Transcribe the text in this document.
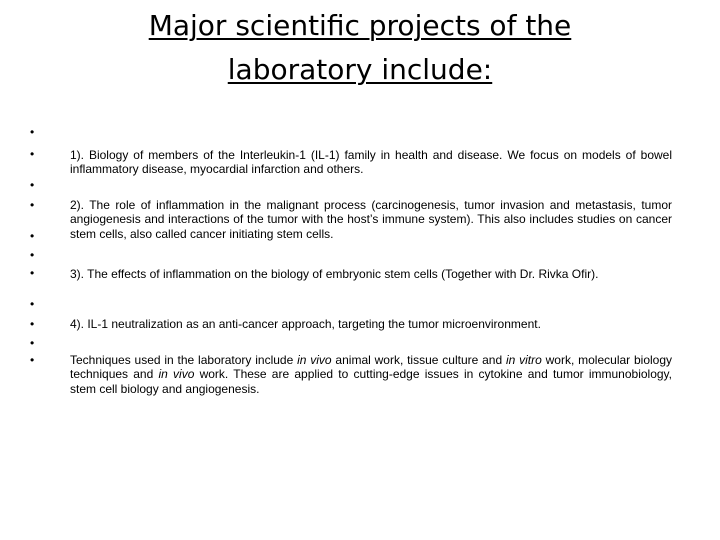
Major scientific projects of the
laboratory include:
•
•
•
•
•
•
•
•
•
•
•

1). Biology of members of the Interleukin-1 (IL-1) family in health and disease. We focus on models of bowel inflammatory disease, myocardial infarction and others.

2). The role of inflammation in the malignant process (carcinogenesis, tumor invasion and metastasis, tumor angiogenesis and interactions of the tumor with the host’s immune system). This also includes studies on cancer stem cells, also called cancer initiating stem cells.

3). The effects of inflammation on the biology of embryonic stem cells (Together with Dr. Rivka Ofir).

4). IL-1 neutralization as an anti-cancer approach, targeting the tumor microenvironment.

Techniques used in the laboratory include in vivo animal work, tissue culture and in vitro work, molecular biology techniques and in vivo work. These are applied to cutting-edge issues in cytokine and tumor immunobiology, stem cell biology and angiogenesis.
